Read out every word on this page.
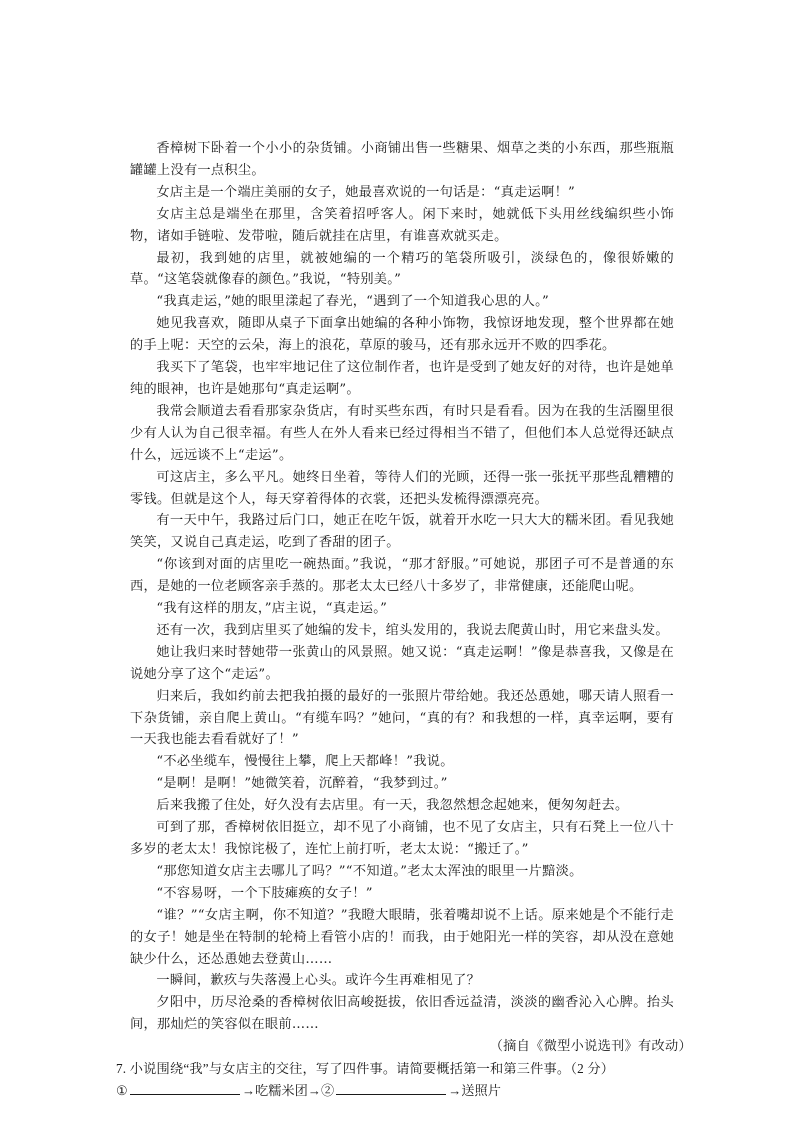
香樟树下卧着一个小小的杂货铺。小商铺出售一些糖果、烟草之类的小东西，那些瓶瓶罐罐上没有一点积尘。

女店主是一个端庄美丽的女子，她最喜欢说的一句话是：“真走运啊！”

女店主总是端坐在那里，含笑着招呼客人。闲下来时，她就低下头用丝线编织些小饰物，诸如手链啦、发带啦，随后就挂在店里，有谁喜欢就买走。

最初，我到她的店里，就被她编的一个精巧的笔袋所吸引，淡绿色的，像很娇嫩的草。“这笔袋就像春的颜色。”我说，“特别美。”

“我真走运，”她的眼里漾起了春光，“遇到了一个知道我心思的人。”

她见我喜欢，随即从桌子下面拿出她编的各种小饰物，我惊讶地发现，整个世界都在她的手上呢：天空的云朵，海上的浪花，草原的骏马，还有那永远开不败的四季花。

我买下了笔袋，也牢牢地记住了这位制作者，也许是受到了她友好的对待，也许是她单纯的眼神，也许是她那句“真走运啊”。

我常会顺道去看看那家杂货店，有时买些东西，有时只是看看。因为在我的生活圈里很少有人认为自己很幸福。有些人在外人看来已经过得相当不错了，但他们本人总觉得还缺点什么，远远谈不上“走运”。

可这店主，多么平凡。她终日坐着，等待人们的光顾，还得一张一张抚平那些乱糟糟的零钱。但就是这个人，每天穿着得体的衣裳，还把头发梳得漂漂亮亮。

有一天中午，我路过后门口，她正在吃午饭，就着开水吃一只大大的糯米团。看见我她笑笑，又说自己真走运，吃到了香甜的团子。

“你该到对面的店里吃一碗热面。”我说，“那才舒服。”可她说，那团子可不是普通的东西，是她的一位老顾客亲手蒸的。那老太太已经八十多岁了，非常健康，还能爬山呢。

“我有这样的朋友，”店主说，“真走运。”

还有一次，我到店里买了她编的发卡，绾头发用的，我说去爬黄山时，用它来盘头发。

她让我归来时替她带一张黄山的风景照。她又说：“真走运啊！”像是恭喜我，又像是在说她分享了这个“走运”。

归来后，我如约前去把我拍摄的最好的一张照片带给她。我还怂恿她，哪天请人照看一下杂货铺，亲自爬上黄山。“有缆车吗？”她问，“真的有？和我想的一样，真幸运啊，要有一天我也能去看看就好了！”

“不必坐缆车，慢慢往上攀，爬上天都峰！”我说。

“是啊！是啊！”她微笑着，沉醉着，“我梦到过。”

后来我搬了住处，好久没有去店里。有一天，我忽然想念起她来，便匆匆赶去。

可到了那，香樟树依旧挺立，却不见了小商铺，也不见了女店主，只有石凳上一位八十多岁的老太太！我惊诧极了，连忙上前打听，老太太说：“搬迁了。”

“那您知道女店主去哪儿了吗？”“不知道。”老太太浑浊的眼里一片黯淡。

“不容易呀，一个下肢瘫痪的女子！”

“谁？”“女店主啊，你不知道？”我瞪大眼睛，张着嘴却说不上话。原来她是个不能行走的女子！她是坐在特制的轮椅上看管小店的！而我，由于她阳光一样的笑容，却从没在意她缺少什么，还怂恿她去登黄山……

一瞬间，歉疚与失落漫上心头。或许今生再难相见了？

夕阳中，历尽沧桑的香樟树依旧高峻挺拔，依旧香远益清，淡淡的幽香沁入心脾。抬头间，那灿烂的笑容似在眼前……

（摘自《微型小说选刊》有改动）

7. 小说围绕“我”与女店主的交往，写了四件事。请简要概括第一和第三件事。（2 分）

①	→吃糯米团→②	→送照片
